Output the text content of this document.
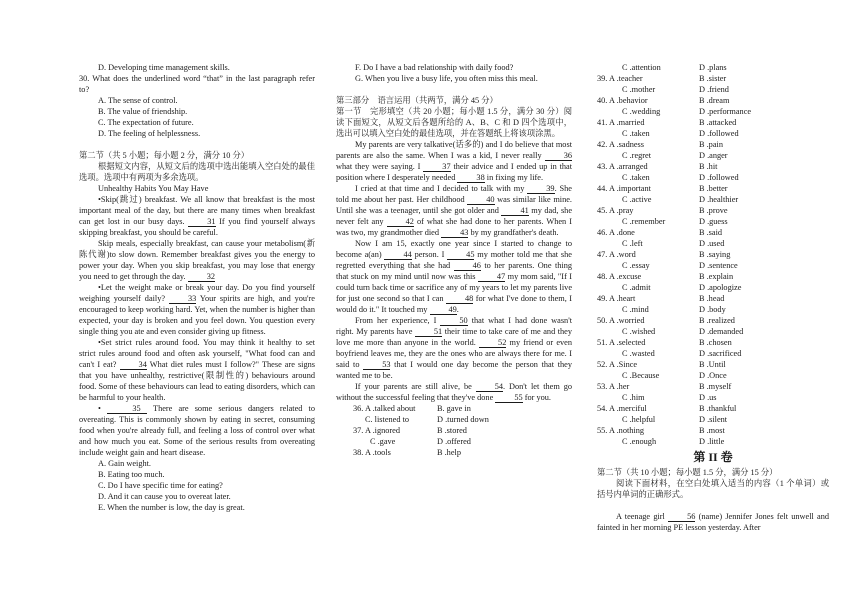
D. Developing time management skills.

30. What does the underlined word “that” in the last paragraph refer to?

A. The sense of control.

B. The value of friendship.

C. The expectation of future.

D. The feeling of helplessness.

第二节（共 5 小题；每小题 2 分，满分 10 分）

根据短文内容，从短文后的选项中选出能填入空白处的最佳选项。选项中有两项为多余选项。

Unhealthy Habits You May Have

•Skip(跳过) breakfast. We all know that breakfast is the most important meal of the day, but there are many times when breakfast can get lost in our busy days.	31 If you find yourself always skipping breakfast, you should be careful.

Skip meals, especially breakfast, can cause your metabolism(新陈代谢)to slow down. Remember breakfast gives you the energy to power your day. When you skip breakfast, you may lose that energy you need to get through the day.	32

•Let the weight make or break your day. Do you find yourself weighing yourself daily?	33 Your spirits are high, and you're encouraged to keep working hard. Yet, when the number is higher than expected, your day is broken and you feel down. You question every single thing you ate and even consider giving up fitness.

•Set strict rules around food. You may think it healthy to set strict rules around food and often ask yourself, "What food can and can't I eat?	34 What diet rules must I follow?" These are signs that you have unhealthy, restrictive(限制性的) behaviours around food. Some of these behaviours can lead to eating disorders, which can be harmful to your health.

•	35 There are some serious dangers related to overeating. This is commonly shown by eating in secret, consuming food when you're already full, and feeling a loss of control over what and how much you eat. Some of the serious results from overeating include weight gain and heart disease.

A. Gain weight.

B. Eating too much.

C. Do I have specific time for eating?

D. And it can cause you to overeat later.

E. When the number is low, the day is great.

F. Do I have a bad relationship with daily food?

G. When you live a busy life, you often miss this meal.

第三部分　语言运用（共两节，满分 45 分）

第一节　完形填空（共 20 小题；每小题 1.5 分，满分 30 分）阅读下面短文，从短文后各题所给的 A、B、C 和 D 四个选项中，选出可以填入空白处的最佳选项，并在答题纸上将该项涂黑。

My parents are very talkative(话多的) and I do believe that most parents are also the same. When I was a kid, I never really	36 what they were saying. I	37 their advice and I ended up in that position where I desperately needed	38 in fixing my life.

I cried at that time and I decided to talk with my	39. She told me about her past. Her childhood	40 was similar like mine. Until she was a teenager, until she got older and	41 my dad, she never felt any	42 of what she had done to her parents. When I was two, my grandmother died	43 by my grandfather's death.

Now I am 15, exactly one year since I started to change to become a(an)	44 person. I	45 my mother told me that she regretted everything that she had	46 to her parents. One thing that stuck on my mind until now was this	47 my mom said, "If I could turn back time or sacrifice any of my years to let my parents live for just one second so that I can	48 for what I've done to them, I would do it." It touched my	49.

From her experience, I	50 that what I had done wasn't right. My parents have	51 their time to take care of me and they love me more than anyone in the world.	52 my friend or even boyfriend leaves me, they are the ones who are always there for me. I said to	53 that I would one day become the person that they wanted me to be.

If your parents are still alive, be	54. Don't let them go without the successful feeling that they've done	55 for you.

36. A .talked about	B. gave in
C. listened to	D .turned down
37. A .ignored	B .stored
C .gave	D .offered
38. A .tools	B .help
C .attention	D .plans
39. A .teacher	B .sister
C .mother	D .friend
40. A .behavior	B .dream
C .wedding	D .performance
41. A .married	B .attacked
C .taken	D .followed
42. A .sadness	B .pain
C .regret	D .anger
43. A .arranged	B .hit
C .taken	D .followed
44. A .important	B .better
C .active	D .healthier
45. A .pray	B .prove
C .remember	D .guess
46. A .done	B .said
C .left	D .used
47. A .word	B .saying
C .essay	D .sentence
48. A .excuse	B .explain
C .admit	D .apologize
49. A .heart	B .head
C .mind	D .body
50. A .worried	B .realized
C .wished	D .demanded
51. A .selected	B .chosen
C .wasted	D .sacrificed
52. A .Since	B .Until
C .Because	D .Once
53. A .her	B .myself
C .him	D .us
54. A .merciful	B .thankful
C .helpful	D .silent
55. A .nothing	B .most
C .enough	D .little

第 II 卷

第二节（共 10 小题；每小题 1.5 分，满分 15 分）

阅读下面材料，在空白处填入适当的内容（1 个单词）或括号内单词的正确形式。

A teenage girl	56 (name) Jennifer Jones felt unwell and fainted in her morning PE lesson yesterday. After
